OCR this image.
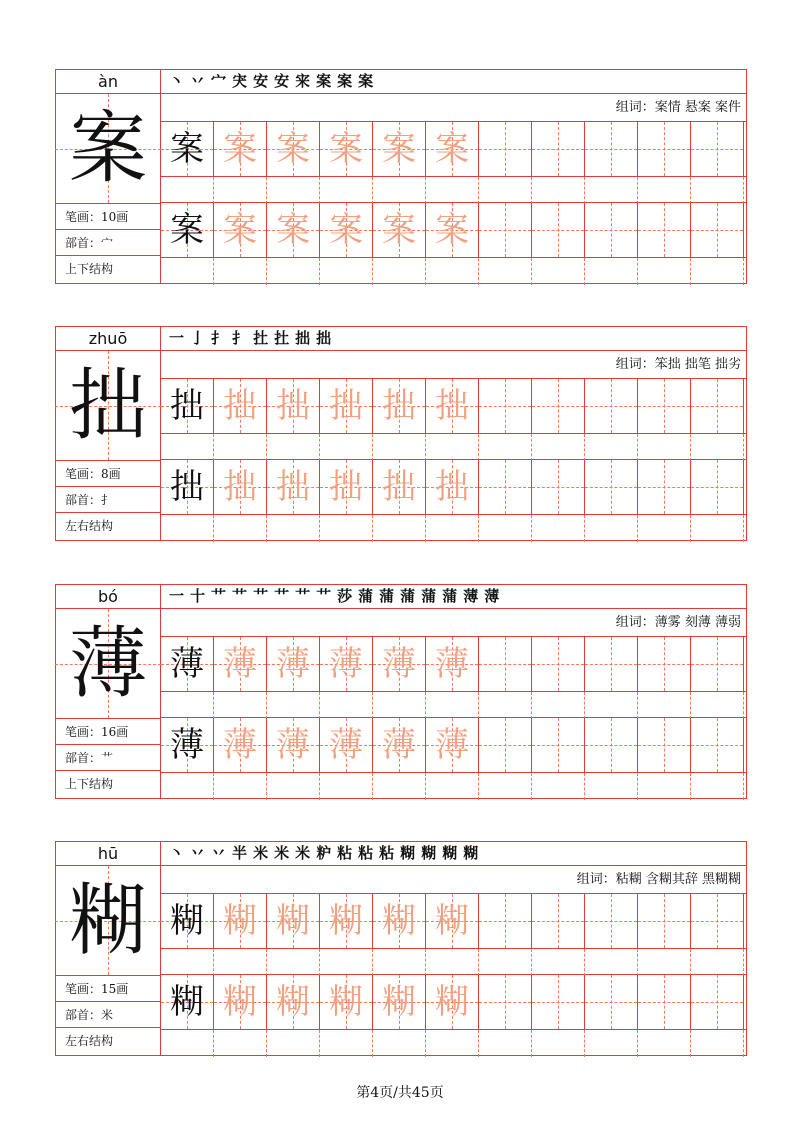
àn
案
笔画：10画
部首：宀
上下结构
丶 丷 宀 宊 安 安 宩 案 案 案
组词：案情 悬案 案件
案 案 案 案 案 案
案 案 案 案 案 案
zhuō
拙
笔画：8画
部首：扌
左右结构
一 亅 扌 扌 扗 扗 拙 拙
组词：笨拙 拙笔 拙劣
拙 拙 拙 拙 拙 拙
拙 拙 拙 拙 拙 拙
bó
薄
笔画：16画
部首：艹
上下结构
一 十 艹 艹 艹 艹 艹 艹 莎 蒲 蒲 蒲 蒲 蒲 薄 薄
组词：薄雾 刻薄 薄弱
薄 薄 薄 薄 薄 薄
薄 薄 薄 薄 薄 薄
hū
糊
笔画：15画
部首：米
左右结构
丶 丷 丷 半 米 米 米 粐 粘 粘 粘 糊 糊 糊 糊
组词：粘糊 含糊其辞 黑糊糊
糊 糊 糊 糊 糊 糊
糊 糊 糊 糊 糊 糊
第4页/共45页
